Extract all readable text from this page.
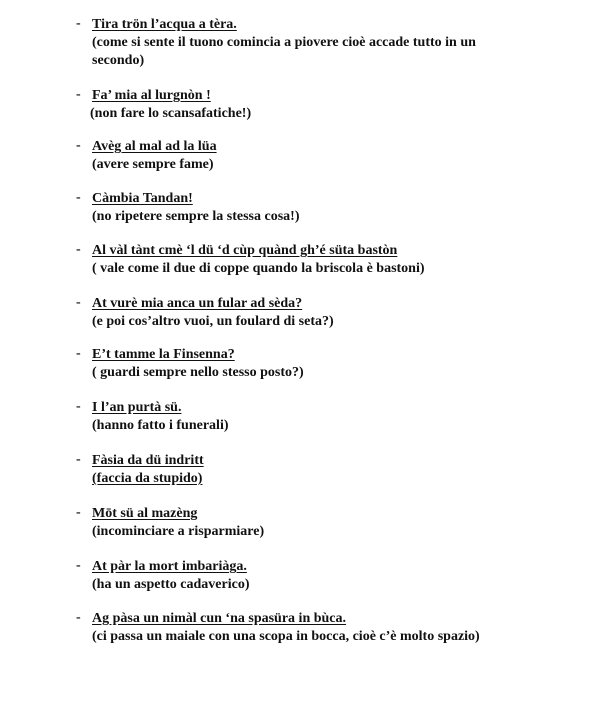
- Tira trön l’acqua a tèra.
(come si sente il tuono comincia a piovere cioè accade tutto in un
secondo)
- Fa’ mia al lurgnòn !
(non fare lo scansafatiche!)
- Avèg al mal ad la lüa
(avere sempre fame)
- Càmbia Tandan!
(no ripetere sempre la stessa cosa!)
- Al vàl tànt cmè ‘l dü ‘d cùp quànd gh’é süta bastòn
( vale come il due di coppe quando la briscola è bastoni)
- At vurè mia anca un fular ad sèda?
(e poi cos’altro vuoi, un foulard di seta?)
- E’t tamme la Finsenna?
( guardi sempre nello stesso posto?)
- I l’an purtà sü.
(hanno fatto i funerali)
- Fàsia da dü indritt
(faccia da stupido)
- Mōt sü al mazèng
(incominciare a risparmiare)
- At pàr la mort imbariàga.
(ha un aspetto cadaverico)
- Ag pàsa un nimàl cun ‘na spasüra in bùca.
(ci passa un maiale con una scopa in bocca, cioè c’è molto spazio)
